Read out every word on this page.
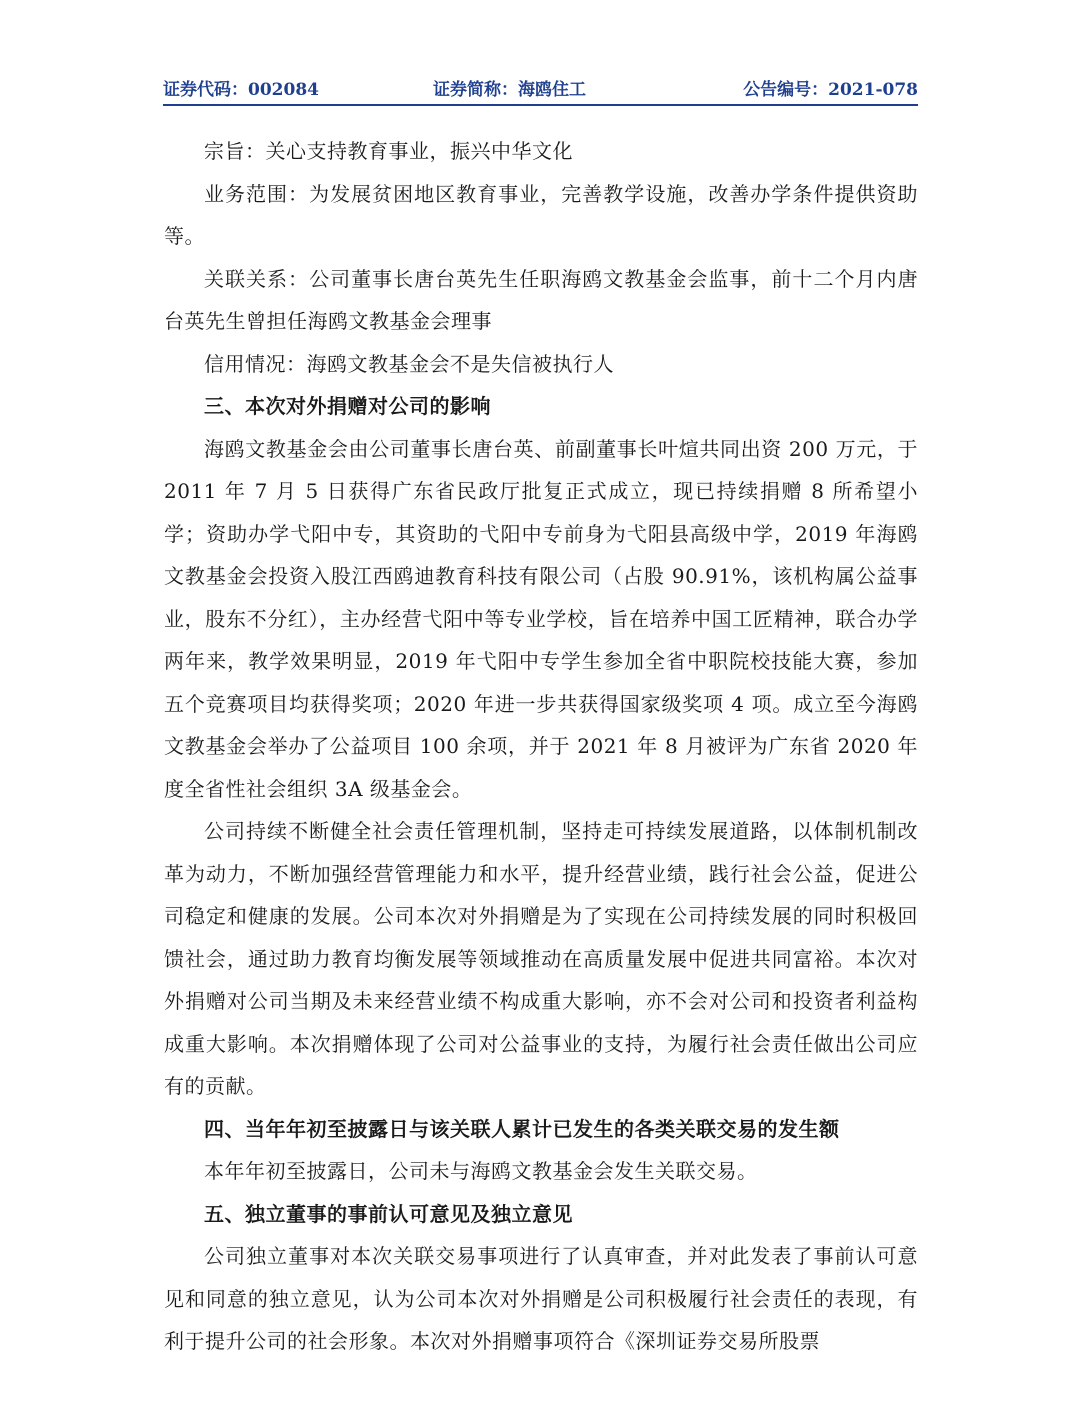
证券代码：002084	证券简称：海鸥住工	公告编号：2021-078

宗旨：关心支持教育事业，振兴中华文化

业务范围：为发展贫困地区教育事业，完善教学设施，改善办学条件提供资助等。

关联关系：公司董事长唐台英先生任职海鸥文教基金会监事，前十二个月内唐台英先生曾担任海鸥文教基金会理事

信用情况：海鸥文教基金会不是失信被执行人

三、本次对外捐赠对公司的影响

海鸥文教基金会由公司董事长唐台英、前副董事长叶煊共同出资 200 万元，于 2011 年 7 月 5 日获得广东省民政厅批复正式成立，现已持续捐赠 8 所希望小学；资助办学弋阳中专，其资助的弋阳中专前身为弋阳县高级中学，2019 年海鸥文教基金会投资入股江西鸥迪教育科技有限公司（占股 90.91%，该机构属公益事业，股东不分红），主办经营弋阳中等专业学校，旨在培养中国工匠精神，联合办学两年来，教学效果明显，2019 年弋阳中专学生参加全省中职院校技能大赛，参加五个竞赛项目均获得奖项；2020 年进一步共获得国家级奖项 4 项。成立至今海鸥文教基金会举办了公益项目 100 余项，并于 2021 年 8 月被评为广东省 2020 年度全省性社会组织 3A 级基金会。

公司持续不断健全社会责任管理机制，坚持走可持续发展道路，以体制机制改革为动力，不断加强经营管理能力和水平，提升经营业绩，践行社会公益，促进公司稳定和健康的发展。公司本次对外捐赠是为了实现在公司持续发展的同时积极回馈社会，通过助力教育均衡发展等领域推动在高质量发展中促进共同富裕。本次对外捐赠对公司当期及未来经营业绩不构成重大影响，亦不会对公司和投资者利益构成重大影响。本次捐赠体现了公司对公益事业的支持，为履行社会责任做出公司应有的贡献。

四、当年年初至披露日与该关联人累计已发生的各类关联交易的发生额

本年年初至披露日，公司未与海鸥文教基金会发生关联交易。

五、独立董事的事前认可意见及独立意见

公司独立董事对本次关联交易事项进行了认真审查，并对此发表了事前认可意见和同意的独立意见，认为公司本次对外捐赠是公司积极履行社会责任的表现，有利于提升公司的社会形象。本次对外捐赠事项符合《深圳证券交易所股票
